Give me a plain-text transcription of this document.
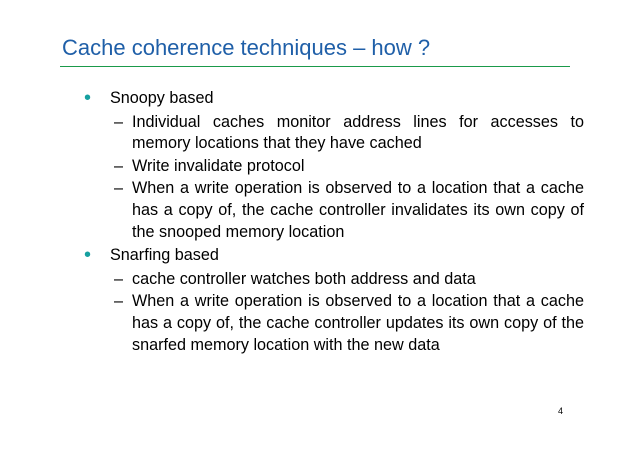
Cache coherence techniques – how ?
• Snoopy based
– Individual caches monitor address lines for accesses to memory locations that they have cached
– Write invalidate protocol
– When a write operation is observed to a location that a cache has a copy of, the cache controller invalidates its own copy of the snooped memory location
• Snarfing based
– cache controller watches both address and data
– When a write operation is observed to a location that a cache has a copy of, the cache controller updates its own copy of the snarfed memory location with the new data
4
